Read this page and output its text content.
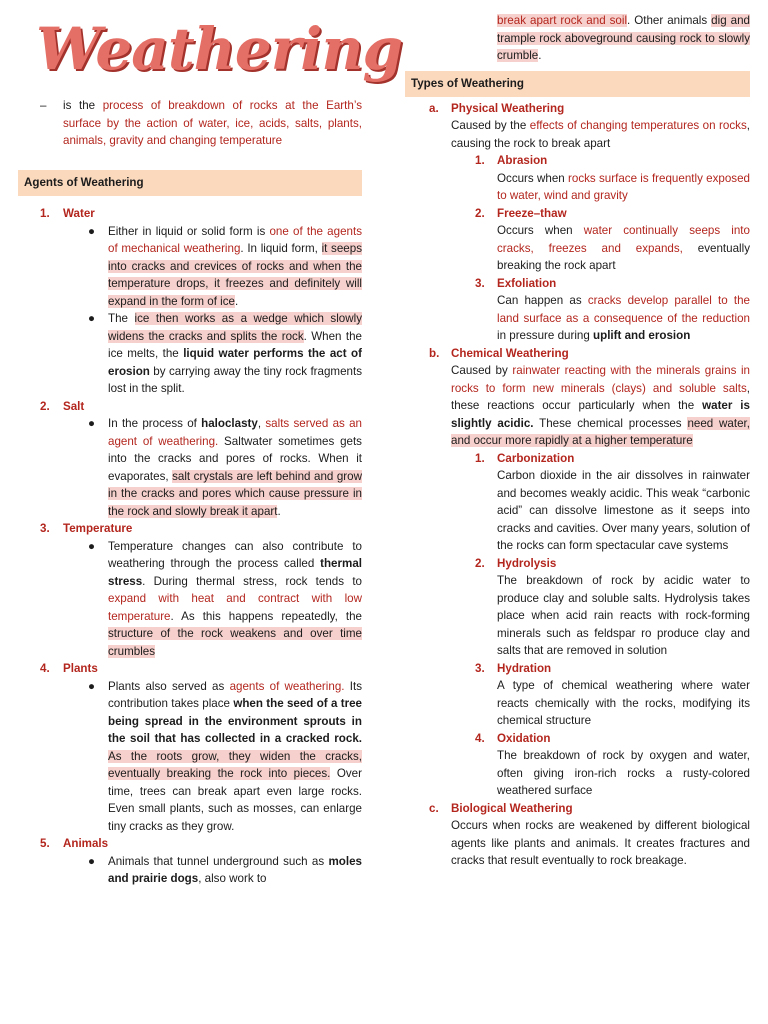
Weathering
– is the process of breakdown of rocks at the Earth’s surface by the action of water, ice, acids, salts, plants, animals, gravity and changing temperature

Agents of Weathering
1. Water
● Either in liquid or solid form is one of the agents of mechanical weathering. In liquid form, it seeps into cracks and crevices of rocks and when the temperature drops, it freezes and definitely will expand in the form of ice.

● The ice then works as a wedge which slowly widens the cracks and splits the rock. When the ice melts, the liquid water performs the act of erosion by carrying away the tiny rock fragments lost in the split.

2. Salt
● In the process of haloclasty, salts served as an agent of weathering. Saltwater sometimes gets into the cracks and pores of rocks. When it evaporates, salt crystals are left behind and grow in the cracks and pores which cause pressure in the rock and slowly break it apart.

3. Temperature
● Temperature changes can also contribute to weathering through the process called thermal stress. During thermal stress, rock tends to expand with heat and contract with low temperature. As this happens repeatedly, the structure of the rock weakens and over time crumbles

4. Plants
● Plants also served as agents of weathering. Its contribution takes place when the seed of a tree being spread in the environment sprouts in the soil that has collected in a cracked rock. As the roots grow, they widen the cracks, eventually breaking the rock into pieces. Over time, trees can break apart even large rocks. Even small plants, such as mosses, can enlarge tiny cracks as they grow.

5. Animals
● Animals that tunnel underground such as moles and prairie dogs, also work to

break apart rock and soil. Other animals dig and trample rock aboveground causing rock to slowly crumble.

Types of Weathering
a. Physical Weathering

Caused by the effects of changing temperatures on rocks, causing the rock to break apart

1. Abrasion

Occurs when rocks surface is frequently exposed to water, wind and gravity

2. Freeze–thaw

Occurs when water continually seeps into cracks, freezes and expands, eventually breaking the rock apart

3. Exfoliation

Can happen as cracks develop parallel to the land surface as a consequence of the reduction in pressure during uplift and erosion

b. Chemical Weathering

Caused by rainwater reacting with the minerals grains in rocks to form new minerals (clays) and soluble salts, these reactions occur particularly when the water is slightly acidic. These chemical processes need water, and occur more rapidly at a higher temperature

1. Carbonization

Carbon dioxide in the air dissolves in rainwater and becomes weakly acidic. This weak “carbonic acid” can dissolve limestone as it seeps into cracks and cavities. Over many years, solution of the rocks can form spectacular cave systems

2. Hydrolysis

The breakdown of rock by acidic water to produce clay and soluble salts. Hydrolysis takes place when acid rain reacts with rock-forming minerals such as feldspar ro produce clay and salts that are removed in solution

3. Hydration

A type of chemical weathering where water reacts chemically with the rocks, modifying its chemical structure

4. Oxidation

The breakdown of rock by oxygen and water, often giving iron-rich rocks a rusty-colored weathered surface

c. Biological Weathering

Occurs when rocks are weakened by different biological agents like plants and animals. It creates fractures and cracks that result eventually to rock breakage.
